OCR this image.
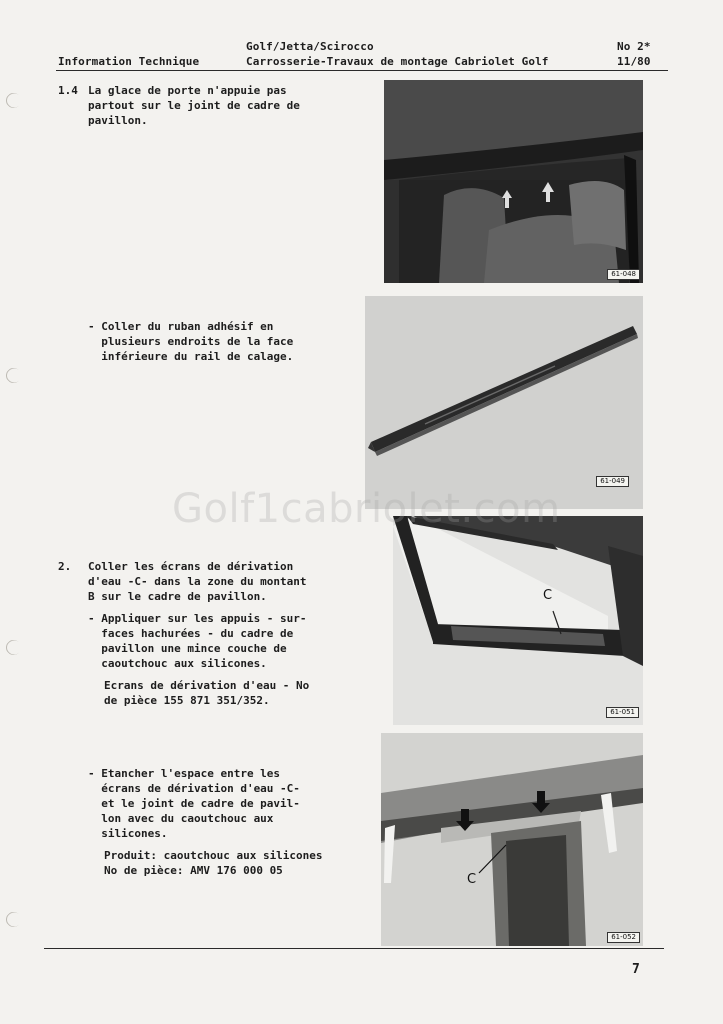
Golf/Jetta/Scirocco	No 2*
Information Technique	Carrosserie-Travaux de montage Cabriolet Golf	11/80
1.4 La glace de porte n'appuie pas
partout sur le joint de cadre de
pavillon.
- Coller du ruban adhésif en
plusieurs endroits de la face
inférieure du rail de calage.
2. Coller les écrans de dérivation
d'eau -C- dans la zone du montant
B sur le cadre de pavillon.
- Appliquer sur les appuis - sur-
faces hachurées - du cadre de
pavillon une mince couche de
caoutchouc aux silicones.
Ecrans de dérivation d'eau - No
de pièce 155 871 351/352.
- Etancher l'espace entre les
écrans de dérivation d'eau -C-
et le joint de cadre de pavil-
lon avec du caoutchouc aux
silicones.
Produit: caoutchouc aux silicones
No de pièce: AMV 176 000 05
61-048
61-049
C
61-051
C
61-052
Golf1cabriolet.com
7
